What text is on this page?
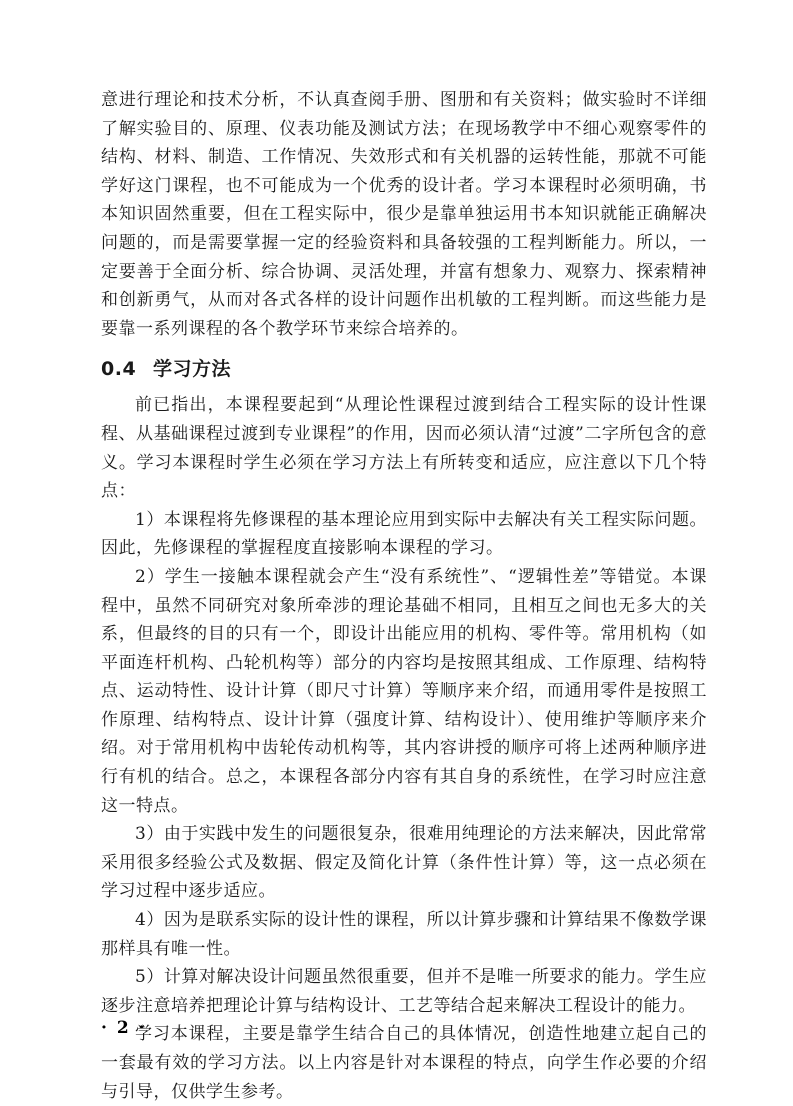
意进行理论和技术分析，不认真查阅手册、图册和有关资料；做实验时不详细了解实验目的、原理、仪表功能及测试方法；在现场教学中不细心观察零件的结构、材料、制造、工作情况、失效形式和有关机器的运转性能，那就不可能学好这门课程，也不可能成为一个优秀的设计者。学习本课程时必须明确，书本知识固然重要，但在工程实际中，很少是靠单独运用书本知识就能正确解决问题的，而是需要掌握一定的经验资料和具备较强的工程判断能力。所以，一定要善于全面分析、综合协调、灵活处理，并富有想象力、观察力、探索精神和创新勇气，从而对各式各样的设计问题作出机敏的工程判断。而这些能力是要靠一系列课程的各个教学环节来综合培养的。

0.4 学习方法

前已指出，本课程要起到“从理论性课程过渡到结合工程实际的设计性课程、从基础课程过渡到专业课程”的作用，因而必须认清“过渡”二字所包含的意义。学习本课程时学生必须在学习方法上有所转变和适应，应注意以下几个特点：

1）本课程将先修课程的基本理论应用到实际中去解决有关工程实际问题。因此，先修课程的掌握程度直接影响本课程的学习。

2）学生一接触本课程就会产生“没有系统性”、“逻辑性差”等错觉。本课程中，虽然不同研究对象所牵涉的理论基础不相同，且相互之间也无多大的关系，但最终的目的只有一个，即设计出能应用的机构、零件等。常用机构（如平面连杆机构、凸轮机构等）部分的内容均是按照其组成、工作原理、结构特点、运动特性、设计计算（即尺寸计算）等顺序来介绍，而通用零件是按照工作原理、结构特点、设计计算（强度计算、结构设计）、使用维护等顺序来介绍。对于常用机构中齿轮传动机构等，其内容讲授的顺序可将上述两种顺序进行有机的结合。总之，本课程各部分内容有其自身的系统性，在学习时应注意这一特点。

3）由于实践中发生的问题很复杂，很难用纯理论的方法来解决，因此常常采用很多经验公式及数据、假定及简化计算（条件性计算）等，这一点必须在学习过程中逐步适应。

4）因为是联系实际的设计性的课程，所以计算步骤和计算结果不像数学课那样具有唯一性。

5）计算对解决设计问题虽然很重要，但并不是唯一所要求的能力。学生应逐步注意培养把理论计算与结构设计、工艺等结合起来解决工程设计的能力。

学习本课程，主要是靠学生结合自己的具体情况，创造性地建立起自己的一套最有效的学习方法。以上内容是针对本课程的特点，向学生作必要的介绍与引导，仅供学生参考。

· 2 ·
